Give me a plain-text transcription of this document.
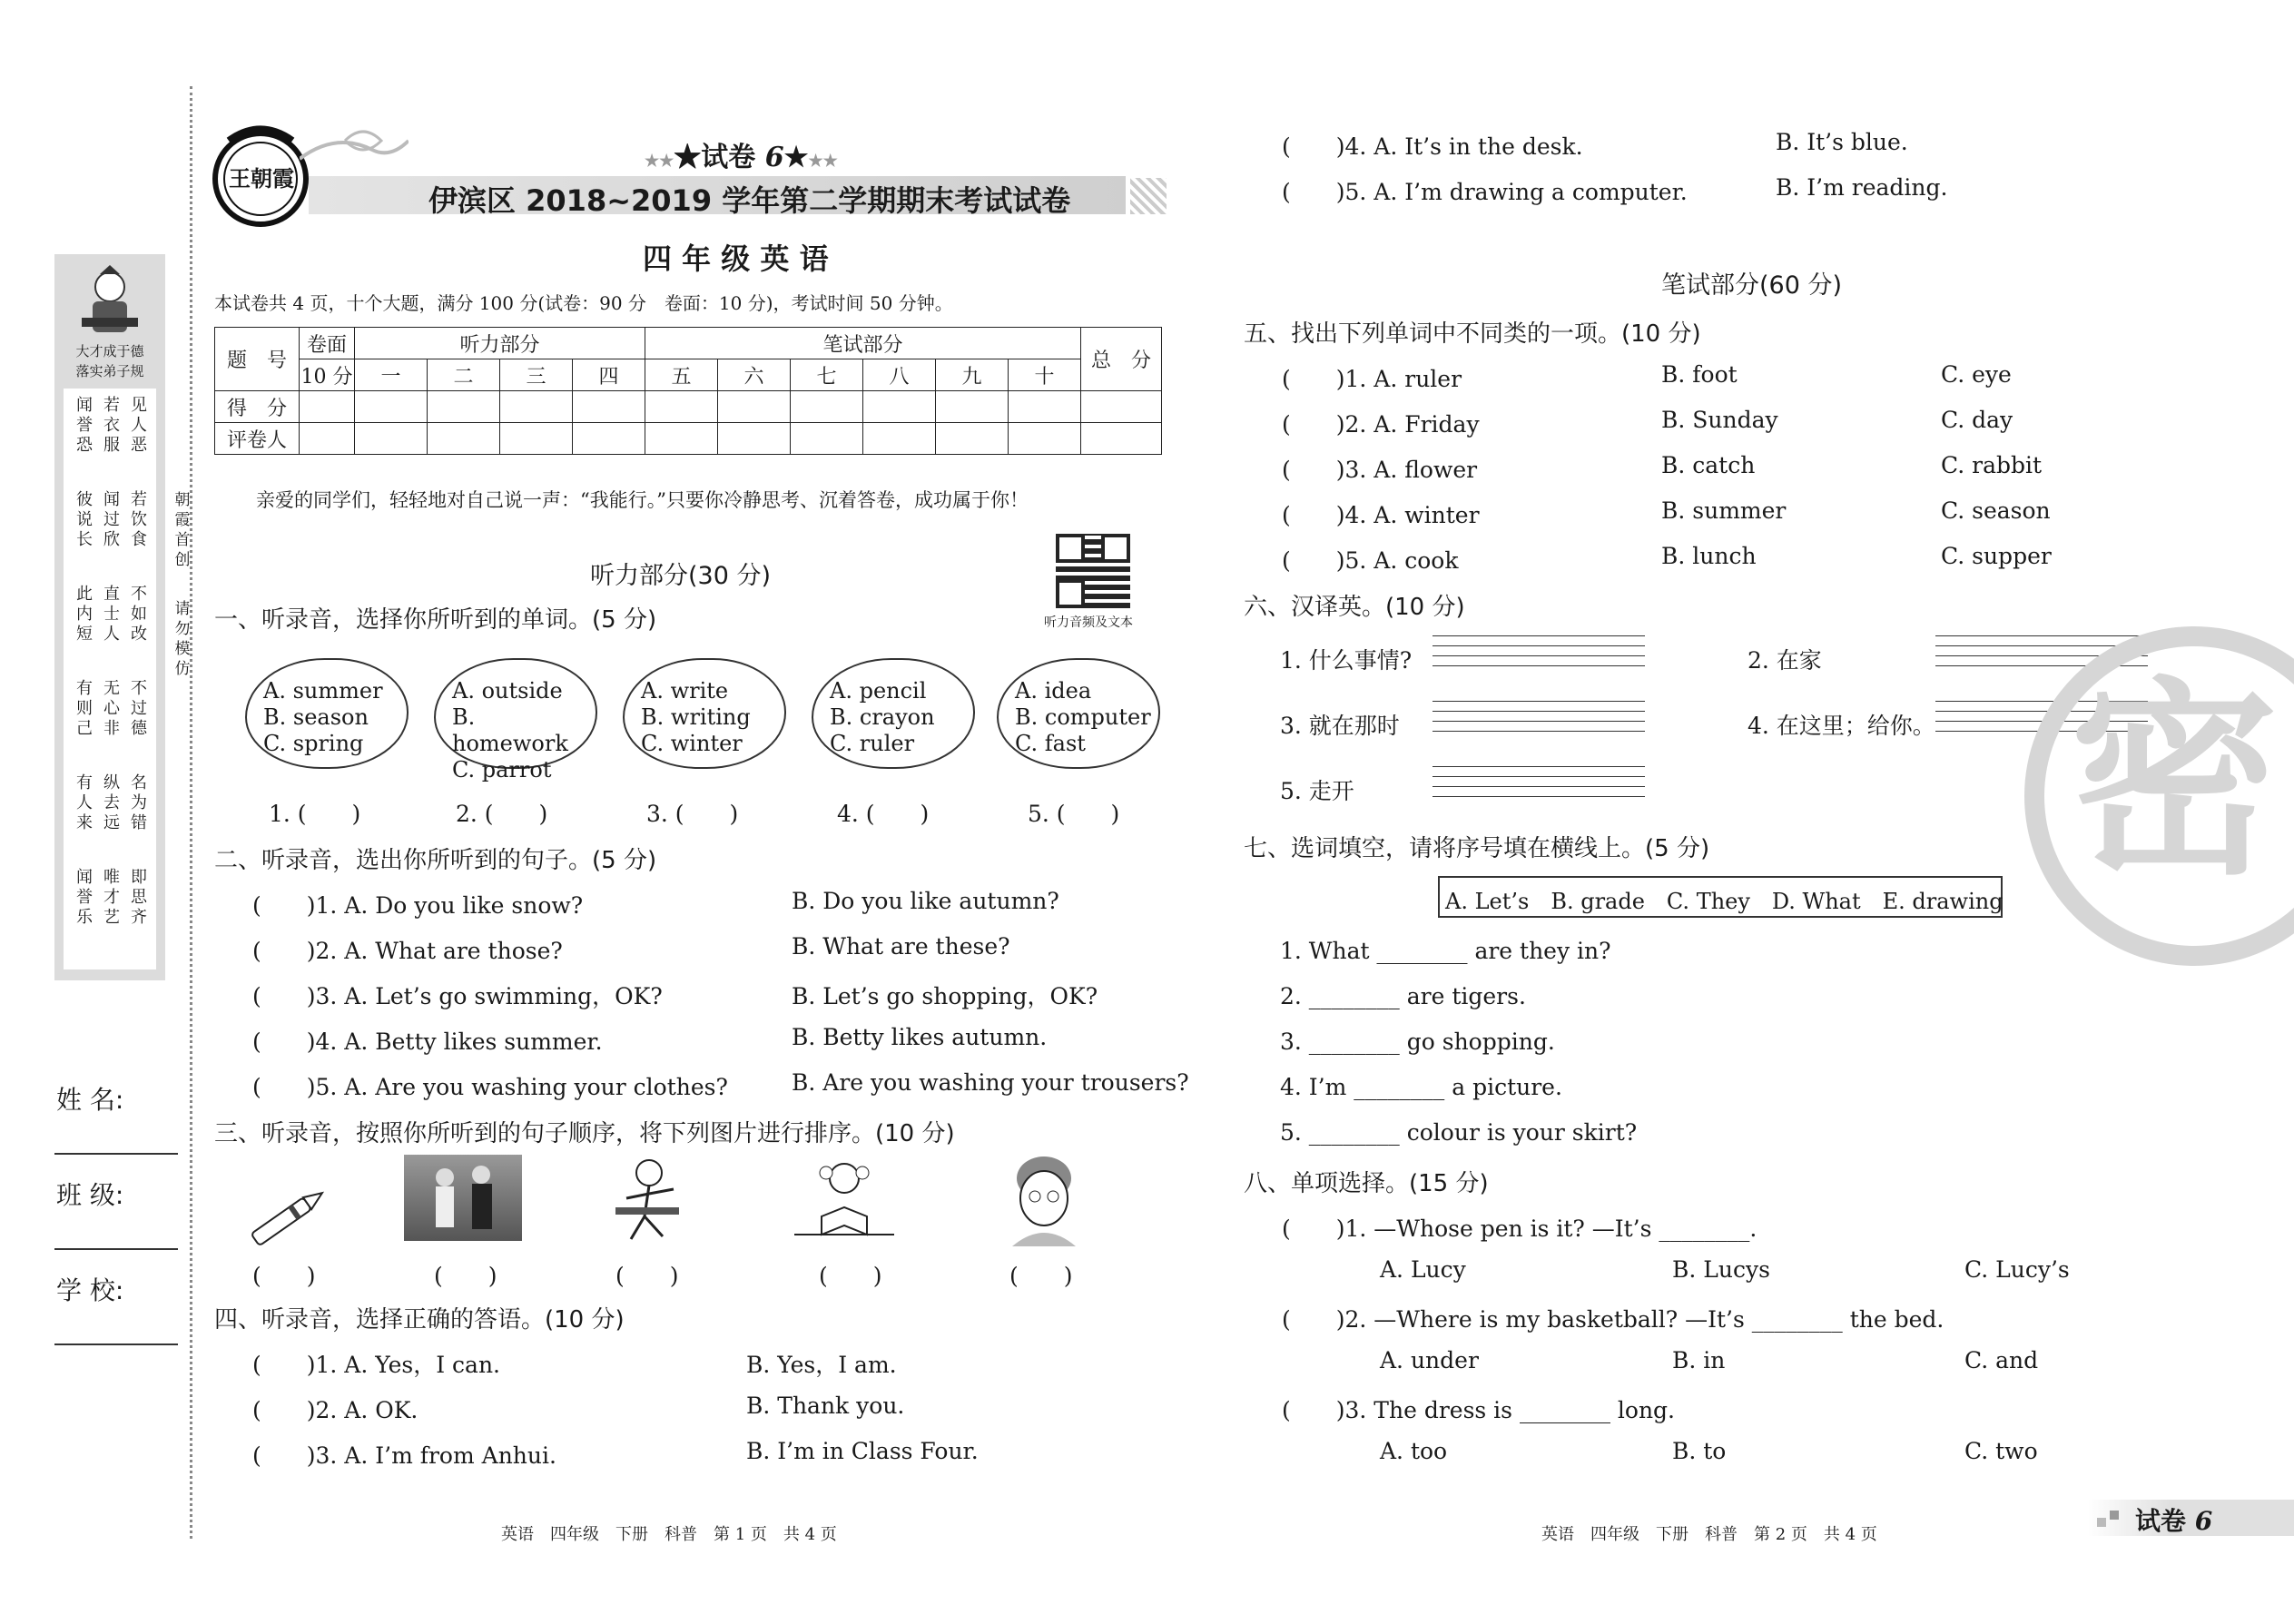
大才成于德
落实弟子规
闻誉恐
若衣服
见人恶
彼说长
闻过欣
若饮食
此内短
直士人
不如改
有则己
无心非
不过德
有人来
纵去远
名为错
闻誉乐
唯才艺
即思齐
朝霞首创
请勿模仿
姓 名:
班 级:
学 校:
王朝霞
★★★试卷 6★★★
伊滨区 2018~2019 学年第二学期期末考试试卷
四 年 级 英 语
本试卷共 4 页，十个大题，满分 100 分(试卷：90 分　卷面：10 分)，考试时间 50 分钟。
题　号	卷面	听力部分				笔试部分						总　分
	10 分	一	二	三	四	五	六	七	八	九	十	
得　分												
评卷人												
亲爱的同学们，轻轻地对自己说一声：“我能行。”只要你冷静思考、沉着答卷，成功属于你！
听力音频及文本
听力部分(30 分)
一、听录音，选择你所听到的单词。(5 分)
A. summer
B. season
C. spring
A. outside
B. homework
C. parrot
A. write
B. writing
C. winter
A. pencil
B. crayon
C. ruler
A. idea
B. computer
C. fast
1. (　　)	2. (　　)	3. (　　)	4. (　　)	5. (　　)
二、听录音，选出你所听到的句子。(5 分)
(　　)1. A. Do you like snow?	B. Do you like autumn?
(　　)2. A. What are those?	B. What are these?
(　　)3. A. Let’s go swimming，OK?	B. Let’s go shopping，OK?
(　　)4. A. Betty likes summer.	B. Betty likes autumn.
(　　)5. A. Are you washing your clothes?	B. Are you washing your trousers?
三、听录音，按照你所听到的句子顺序，将下列图片进行排序。(10 分)
(　　)	(　　)	(　　)	(　　)	(　　)
四、听录音，选择正确的答语。(10 分)
(　　)1. A. Yes，I can.	B. Yes，I am.
(　　)2. A. OK.	B. Thank you.
(　　)3. A. I’m from Anhui.	B. I’m in Class Four.
英语　四年级　下册　科普　第 1 页　共 4 页
(　　)4. A. It’s in the desk.	B. It’s blue.
(　　)5. A. I’m drawing a computer.	B. I’m reading.
笔试部分(60 分)
五、找出下列单词中不同类的一项。(10 分)
(　　)1. A. ruler	B. foot	C. eye
(　　)2. A. Friday	B. Sunday	C. day
(　　)3. A. flower	B. catch	C. rabbit
(　　)4. A. winter	B. summer	C. season
(　　)5. A. cook	B. lunch	C. supper
六、汉译英。(10 分)
1. 什么事情?	2. 在家
3. 就在那时	4. 在这里；给你。
5. 走开
七、选词填空，请将序号填在横线上。(5 分)
A. Let’s　B. grade　C. They　D. What　E. drawing
1. What ________ are they in?
2. ________ are tigers.
3. ________ go shopping.
4. I’m ________ a picture.
5. ________ colour is your skirt?
八、单项选择。(15 分)
(　　)1. —Whose pen is it? —It’s ________.
A. Lucy	B. Lucys	C. Lucy’s
(　　)2. —Where is my basketball? —It’s ________ the bed.
A. under	B. in	C. and
(　　)3. The dress is ________ long.
A. too	B. to	C. two
密
英语　四年级　下册　科普　第 2 页　共 4 页	试卷 6
